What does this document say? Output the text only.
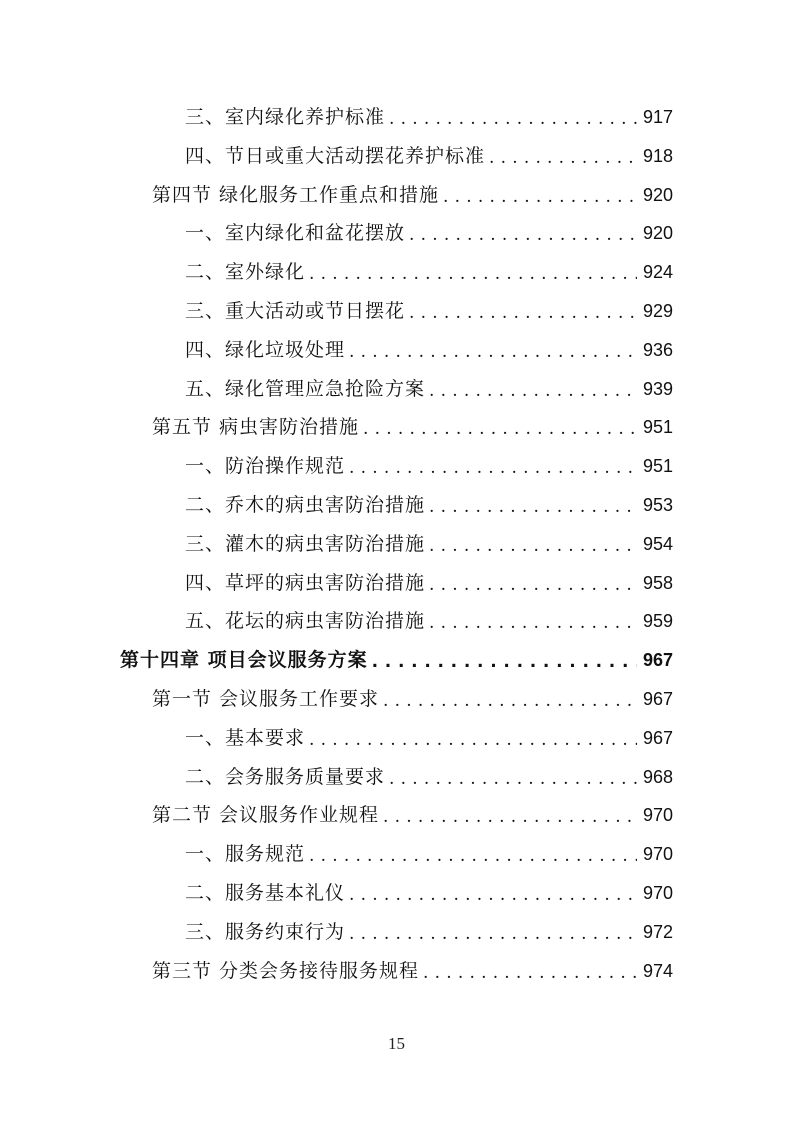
三、室内绿化养护标准 . . .	917
四、节日或重大活动摆花养护标准 . . .	918
第四节 绿化服务工作重点和措施 . . .	920
一、室内绿化和盆花摆放 . . .	920
二、室外绿化 . . .	924
三、重大活动或节日摆花 . . .	929
四、绿化垃圾处理 . . .	936
五、绿化管理应急抢险方案 . . .	939
第五节 病虫害防治措施 . . .	951
一、防治操作规范 . . .	951
二、乔木的病虫害防治措施 . . .	953
三、灌木的病虫害防治措施 . . .	954
四、草坪的病虫害防治措施 . . .	958
五、花坛的病虫害防治措施 . . .	959
第十四章 项目会议服务方案 . . .	967
第一节 会议服务工作要求 . . .	967
一、基本要求 . . .	967
二、会务服务质量要求 . . .	968
第二节 会议服务作业规程 . . .	970
一、服务规范 . . .	970
二、服务基本礼仪 . . .	970
三、服务约束行为 . . .	972
第三节 分类会务接待服务规程 . . .	974
15
